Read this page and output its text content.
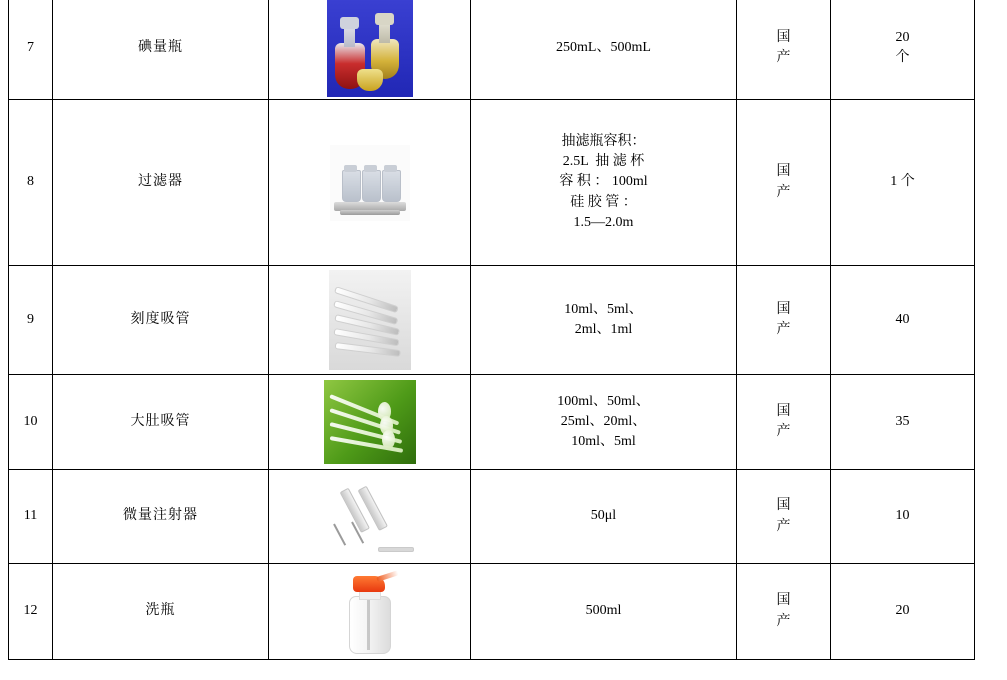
7	碘量瓶		250mL、500mL	国
产	20
个

8	过滤器		抽滤瓶容积：
2.5L  抽 滤 杯
容 积 ： 100ml
硅 胶 管 ：
1.5—2.0m	国
产	1 个

9	刻度吸管		10ml、5ml、
2ml、1ml	国
产	40

10	大肚吸管		100ml、50ml、
25ml、20ml、
10ml、5ml	国
产	35

11	微量注射器		50μl	国
产	10

12	洗瓶		500ml	国
产	20
